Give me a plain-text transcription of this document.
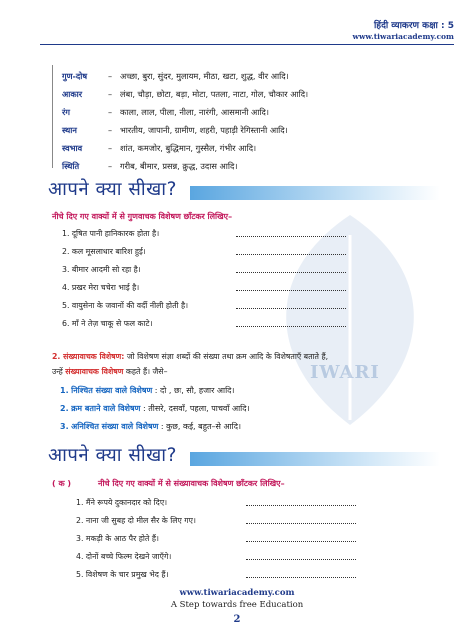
IWARI
हिंदी व्याकरण कक्षा : 5
www.tiwariacademy.com
गुण-दोष	– अच्छा, बुरा, सुंदर, मुलायम, मीठा, खटा, शुद्ध, वीर आदि।
आकार	– लंबा, चौड़ा, छोटा, बड़ा, मोटा, पतला, नाटा, गोल, चौकार आदि।
रंग	– काला, लाल, पीला, नीला, नारंगी, आसमानी आदि।
स्थान	– भारतीय, जापानी, ग्रामीण, शहरी, पहाड़ी रेगिस्तानी आदि।
स्वभाव	– शांत, कमजोर, बुद्धिमान, गुस्सैल, गंभीर आदि।
स्थिति	– गरीब, बीमार, प्रसन्न, क्रुद्ध, उदास आदि।
आपने क्या सीखा?
नीचे दिए गए वाक्यों में से गुणवाचक विशेषण छाँटकर लिखिए–
1. दूषित पानी हानिकारक होता है।
2. कल मूसलाधार बारिश हुई।
3. बीमार आदमी सो रहा है।
4. प्रखर मेरा चचेरा भाई है।
5. वायुसेना के जवानों की वर्दी नीली होती है।
6. माँ ने तेज़ चाकू से फल काटे।
2. संख्यावाचक विशेषण: जो विशेषण संज्ञा शब्दों की संख्या तथा क्रम आदि के विशेषताएँ बताते हैं,
उन्हें संख्यावाचक विशेषण कहते हैं। जैसे–
1. निश्चित संख्या वाले विशेषण : दो , छः, सौ, हजार आदि।
2. क्रम बताने वाले विशेषण : तीसरे, दसवाँ, पहला, पाचवाँ आदि।
3. अनिश्चित संख्या वाले विशेषण : कुछ, कई, बहुत–से आदि।
आपने क्या सीखा?
( क )	नीचे दिए गए वाक्यों में से संख्यावाचक विशेषण छाँटकर लिखिए–
1. मैंने रूपये दुकानदार को दिए।
2. नाना जी सुबह दो मील सैर के लिए गए।
3. मकड़ी के आठ पैर होते हैं।
4. दोनों बच्चे फिल्म देखने जाएँगे।
5. विशेषण के चार प्रमुख भेद हैं।
www.tiwariacademy.com
A Step towards free Education
2
